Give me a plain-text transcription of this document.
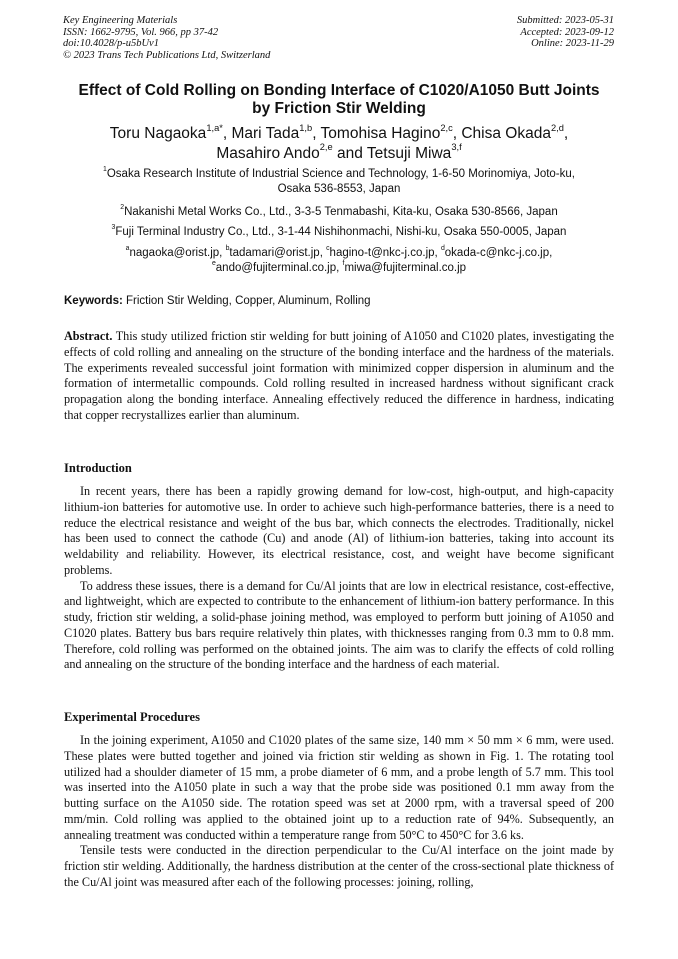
Key Engineering Materials
ISSN: 1662-9795, Vol. 966, pp 37-42
doi:10.4028/p-u5bUv1
© 2023 Trans Tech Publications Ltd, Switzerland
Submitted: 2023-05-31
Accepted: 2023-09-12
Online: 2023-11-29
Effect of Cold Rolling on Bonding Interface of C1020/A1050 Butt Joints
by Friction Stir Welding
Toru Nagaoka$^{1,a*}$, Mari Tada$^{1,b}$, Tomohisa Hagino$^{2,c}$, Chisa Okada$^{2,d}$,
Masahiro Ando$^{2,e}$ and Tetsuji Miwa$^{3,f}$
$^1$Osaka Research Institute of Industrial Science and Technology, 1-6-50 Morinomiya, Joto-ku,
Osaka 536-8553, Japan
$^2$Nakanishi Metal Works Co., Ltd., 3-3-5 Tenmabashi, Kita-ku, Osaka 530-8566, Japan
$^3$Fuji Terminal Industry Co., Ltd., 3-1-44 Nishihonmachi, Nishi-ku, Osaka 550-0005, Japan
$^a$nagaoka@orist.jp, $^b$tadamari@orist.jp, $^c$hagino-t@nkc-j.co.jp, $^d$okada-c@nkc-j.co.jp,
$^e$ando@fujiterminal.co.jp, $^f$miwa@fujiterminal.co.jp
Keywords: Friction Stir Welding, Copper, Aluminum, Rolling

Abstract. This study utilized friction stir welding for butt joining of A1050 and C1020 plates, investigating the effects of cold rolling and annealing on the structure of the bonding interface and the hardness of the materials. The experiments revealed successful joint formation with minimized copper dispersion in aluminum and the formation of intermetallic compounds. Cold rolling resulted in increased hardness without significant crack propagation along the bonding interface. Annealing effectively reduced the difference in hardness, indicating that copper recrystallizes earlier than aluminum.

Introduction

In recent years, there has been a rapidly growing demand for low-cost, high-output, and high-capacity lithium-ion batteries for automotive use. In order to achieve such high-performance batteries, there is a need to reduce the electrical resistance and weight of the bus bar, which connects the electrodes. Traditionally, nickel has been used to connect the cathode (Cu) and anode (Al) of lithium-ion batteries, taking into account its weldability and reliability. However, its electrical resistance, cost, and weight have become significant problems.

To address these issues, there is a demand for Cu/Al joints that are low in electrical resistance, cost-effective, and lightweight, which are expected to contribute to the enhancement of lithium-ion battery performance. In this study, friction stir welding, a solid-phase joining method, was employed to perform butt joining of A1050 and C1020 plates. Battery bus bars require relatively thin plates, with thicknesses ranging from 0.3 mm to 0.8 mm. Therefore, cold rolling was performed on the obtained joints. The aim was to clarify the effects of cold rolling and annealing on the structure of the bonding interface and the hardness of each material.

Experimental Procedures

In the joining experiment, A1050 and C1020 plates of the same size, 140 mm × 50 mm × 6 mm, were used. These plates were butted together and joined via friction stir welding as shown in Fig. 1. The rotating tool utilized had a shoulder diameter of 15 mm, a probe diameter of 6 mm, and a probe length of 5.7 mm. This tool was inserted into the A1050 plate in such a way that the probe side was positioned 0.1 mm away from the butting surface on the A1050 side. The rotation speed was set at 2000 rpm, with a traversal speed of 200 mm/min. Cold rolling was applied to the obtained joint up to a reduction rate of 94%. Subsequently, an annealing treatment was conducted within a temperature range from 50°C to 450°C for 3.6 ks.

Tensile tests were conducted in the direction perpendicular to the Cu/Al interface on the joint made by friction stir welding. Additionally, the hardness distribution at the center of the cross-sectional plate thickness of the Cu/Al joint was measured after each of the following processes: joining, rolling,
